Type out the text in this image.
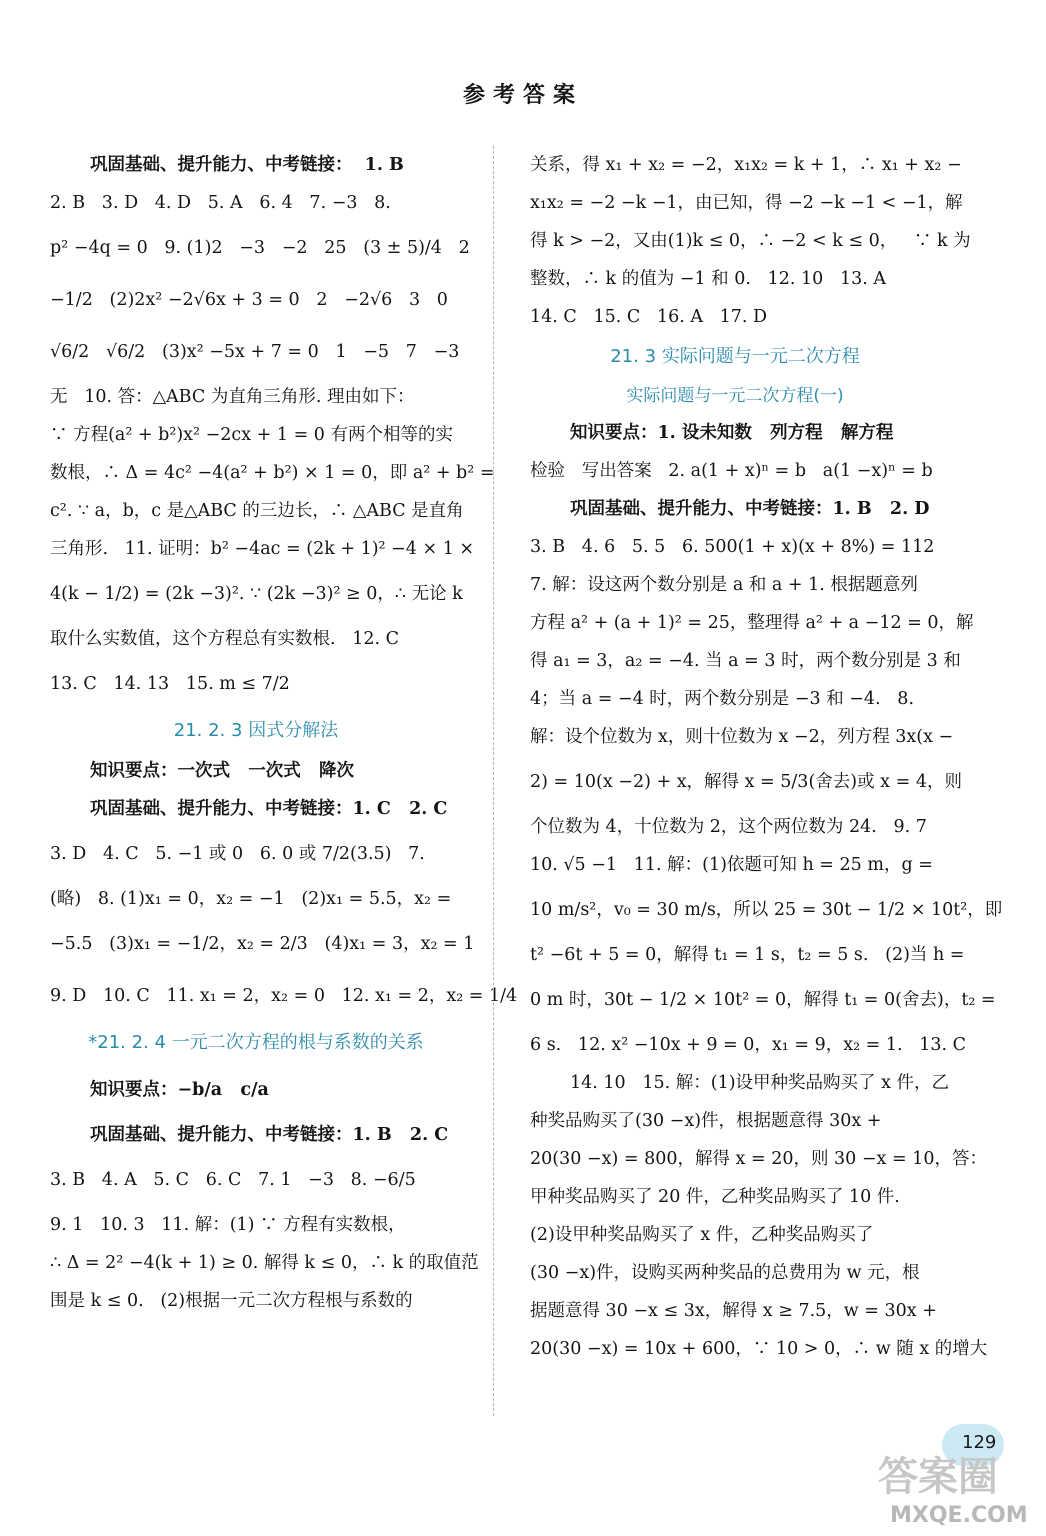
参考答案
巩固基础、提升能力、中考链接：  1. B
2. B   3. D   4. D   5. A   6. 4   7. −3   8.
p² −4q = 0   9. (1)2   −3   −2   25   (3 ± 5)/4   2
−1/2   (2)2x² −2√6x + 3 = 0   2   −2√6   3   0
√6/2   √6/2   (3)x² −5x + 7 = 0   1   −5   7   −3
无   10. 答：△ABC 为直角三角形. 理由如下：
∵ 方程(a² + b²)x² −2cx + 1 = 0 有两个相等的实
数根，∴ Δ = 4c² −4(a² + b²) × 1 = 0，即 a² + b² =
c². ∵ a，b，c 是△ABC 的三边长，∴ △ABC 是直角
三角形.   11. 证明：b² −4ac = (2k + 1)² −4 × 1 ×
4(k − 1/2) = (2k −3)². ∵ (2k −3)² ≥ 0，∴ 无论 k
取什么实数值，这个方程总有实数根.   12. C
13. C   14. 13   15. m ≤ 7/2
21. 2. 3 因式分解法
知识要点：一次式   一次式   降次
巩固基础、提升能力、中考链接：1. C   2. C
3. D   4. C   5. −1 或 0   6. 0 或 7/2(3.5)   7.
(略)   8. (1)x₁ = 0，x₂ = −1   (2)x₁ = 5.5，x₂ =
−5.5   (3)x₁ = −1/2，x₂ = 2/3   (4)x₁ = 3，x₂ = 1
9. D   10. C   11. x₁ = 2，x₂ = 0   12. x₁ = 2，x₂ = 1/4
*21. 2. 4 一元二次方程的根与系数的关系
知识要点：−b/a   c/a
巩固基础、提升能力、中考链接：1. B   2. C
3. B   4. A   5. C   6. C   7. 1   −3   8. −6/5
9. 1   10. 3   11. 解：(1) ∵ 方程有实数根，
∴ Δ = 2² −4(k + 1) ≥ 0. 解得 k ≤ 0，∴ k 的取值范
围是 k ≤ 0.   (2)根据一元二次方程根与系数的
关系，得 x₁ + x₂ = −2，x₁x₂ = k + 1，∴ x₁ + x₂ −
x₁x₂ = −2 −k −1，由已知，得 −2 −k −1 < −1，解
得 k > −2，又由(1)k ≤ 0，∴ −2 < k ≤ 0，   ∵ k 为
整数，∴ k 的值为 −1 和 0.   12. 10   13. A
14. C   15. C   16. A   17. D
21. 3 实际问题与一元二次方程
实际问题与一元二次方程(一)
知识要点：1. 设未知数   列方程   解方程
检验   写出答案   2. a(1 + x)ⁿ = b   a(1 −x)ⁿ = b
巩固基础、提升能力、中考链接：1. B   2. D
3. B   4. 6   5. 5   6. 500(1 + x)(x + 8%) = 112
7. 解：设这两个数分别是 a 和 a + 1. 根据题意列
方程 a² + (a + 1)² = 25，整理得 a² + a −12 = 0，解
得 a₁ = 3，a₂ = −4. 当 a = 3 时，两个数分别是 3 和
4；当 a = −4 时，两个数分别是 −3 和 −4.   8.
解：设个位数为 x，则十位数为 x −2，列方程 3x(x −
2) = 10(x −2) + x，解得 x = 5/3(舍去)或 x = 4，则
个位数为 4，十位数为 2，这个两位数为 24.   9. 7
10. √5 −1   11. 解：(1)依题可知 h = 25 m，g =
10 m/s²，v₀ = 30 m/s，所以 25 = 30t − 1/2 × 10t²，即
t² −6t + 5 = 0，解得 t₁ = 1 s，t₂ = 5 s.   (2)当 h =
0 m 时，30t − 1/2 × 10t² = 0，解得 t₁ = 0(舍去)，t₂ =
6 s.   12. x² −10x + 9 = 0，x₁ = 9，x₂ = 1.   13. C
14. 10   15. 解：(1)设甲种奖品购买了 x 件，乙
种奖品购买了(30 −x)件，根据题意得 30x +
20(30 −x) = 800，解得 x = 20，则 30 −x = 10，答：
甲种奖品购买了 20 件，乙种奖品购买了 10 件.
(2)设甲种奖品购买了 x 件，乙种奖品购买了
(30 −x)件，设购买两种奖品的总费用为 w 元，根
据题意得 30 −x ≤ 3x，解得 x ≥ 7.5，w = 30x +
20(30 −x) = 10x + 600，∵ 10 > 0，∴ w 随 x 的增大
129
答案圈
MXQE.COM
